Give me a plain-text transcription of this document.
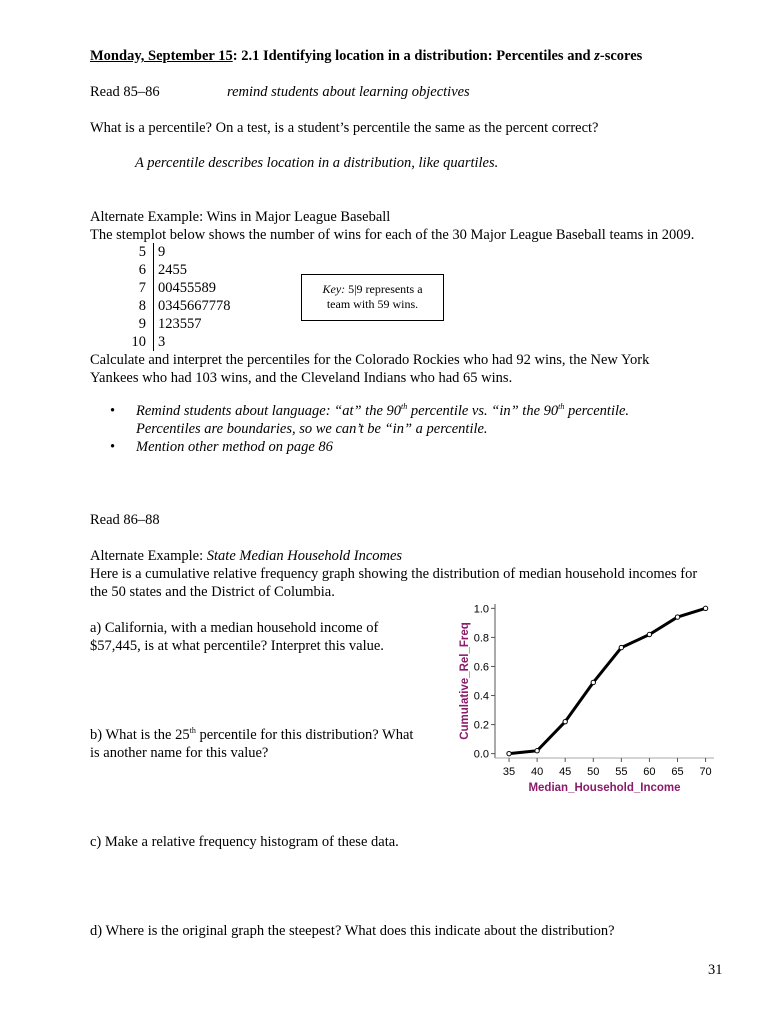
Monday, September 15: 2.1 Identifying location in a distribution: Percentiles and z-scores
Read 85–86	remind students about learning objectives
What is a percentile? On a test, is a student’s percentile the same as the percent correct?
A percentile describes location in a distribution, like quartiles.
Alternate Example: Wins in Major League Baseball
The stemplot below shows the number of wins for each of the 30 Major League Baseball teams in 2009.
5 9
6 2455
7 00455589
8 0345667778
9 123557
10 3
Key: 5|9 represents a
team with 59 wins.
Calculate and interpret the percentiles for the Colorado Rockies who had 92 wins, the New York
Yankees who had 103 wins, and the Cleveland Indians who had 65 wins.
• Remind students about language: “at” the 90th percentile vs. “in” the 90th percentile.
Percentiles are boundaries, so we can’t be “in” a percentile.
• Mention other method on page 86
Read 86–88
Alternate Example: State Median Household Incomes
Here is a cumulative relative frequency graph showing the distribution of median household incomes for
the 50 states and the District of Columbia.
a) California, with a median household income of
$57,445, is at what percentile? Interpret this value.
b) What is the 25th percentile for this distribution? What
is another name for this value?	0.0
0.2
0.4
0.6
0.8
1.0
35 40 45 50 55 60 65 70
Median_Household_Income
Cumulative_Rel_Freq
c) Make a relative frequency histogram of these data.
d) Where is the original graph the steepest? What does this indicate about the distribution?
31
